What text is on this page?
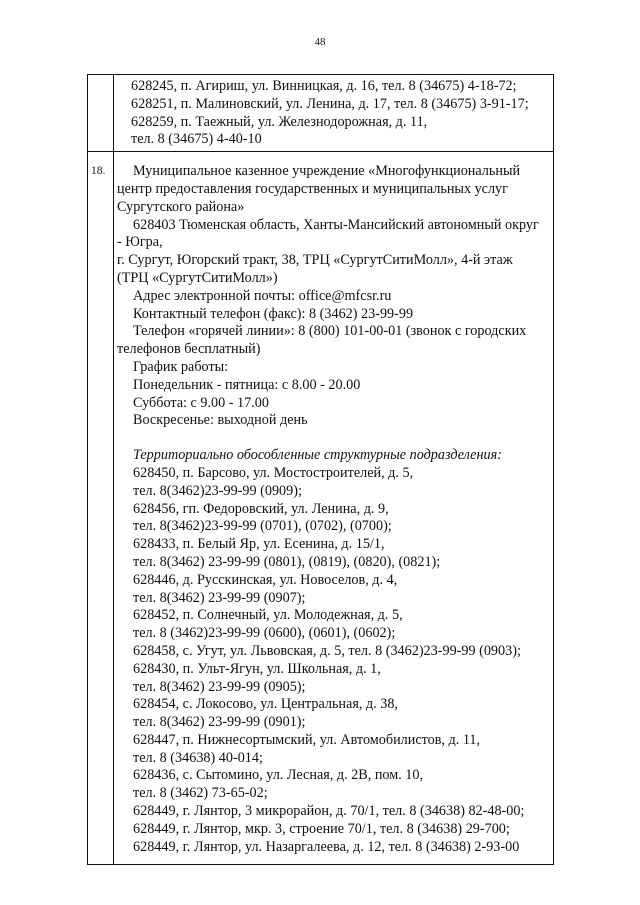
48
628245, п. Агириш, ул. Винницкая, д. 16, тел. 8 (34675) 4-18-72;
628251, п. Малиновский, ул. Ленина, д. 17, тел. 8 (34675) 3-91-17;
628259, п. Таежный, ул. Железнодорожная, д. 11,
тел. 8 (34675) 4-40-10
18.	Муниципальное казенное учреждение «Многофункциональный
центр предоставления государственных и муниципальных услуг
Сургутского района»
628403 Тюменская область, Ханты-Мансийский автономный округ
- Югра,
г. Сургут, Югорский тракт, 38, ТРЦ «СургутСитиМолл», 4-й этаж
(ТРЦ «СургутСитиМолл»)
Адрес электронной почты: office@mfcsr.ru
Контактный телефон (факс): 8 (3462) 23-99-99
Телефон «горячей линии»: 8 (800) 101-00-01 (звонок с городских
телефонов бесплатный)
График работы:
Понедельник - пятница: с 8.00 - 20.00
Суббота: с 9.00 - 17.00
Воскресенье: выходной день
Территориально обособленные структурные подразделения:
628450, п. Барсово, ул. Мостостроителей, д. 5,
тел. 8(3462)23-99-99 (0909);
628456, гп. Федоровский, ул. Ленина, д. 9,
тел. 8(3462)23-99-99 (0701), (0702), (0700);
628433, п. Белый Яр, ул. Есенина, д. 15/1,
тел. 8(3462) 23-99-99 (0801), (0819), (0820), (0821);
628446, д. Русскинская, ул. Новоселов, д. 4,
тел. 8(3462) 23-99-99 (0907);
628452, п. Солнечный, ул. Молодежная, д. 5,
тел. 8 (3462)23-99-99 (0600), (0601), (0602);
628458, с. Угут, ул. Львовская, д. 5, тел. 8 (3462)23-99-99 (0903);
628430, п. Ульт-Ягун, ул. Школьная, д. 1,
тел. 8(3462) 23-99-99 (0905);
628454, с. Локосово, ул. Центральная, д. 38,
тел. 8(3462) 23-99-99 (0901);
628447, п. Нижнесортымский, ул. Автомобилистов, д. 11,
тел. 8 (34638) 40-014;
628436, с. Сытомино, ул. Лесная, д. 2В, пом. 10,
тел. 8 (3462) 73-65-02;
628449, г. Лянтор, 3 микрорайон, д. 70/1, тел. 8 (34638) 82-48-00;
628449, г. Лянтор, мкр. 3, строение 70/1, тел. 8 (34638) 29-700;
628449, г. Лянтор, ул. Назаргалеева, д. 12, тел. 8 (34638) 2-93-00
